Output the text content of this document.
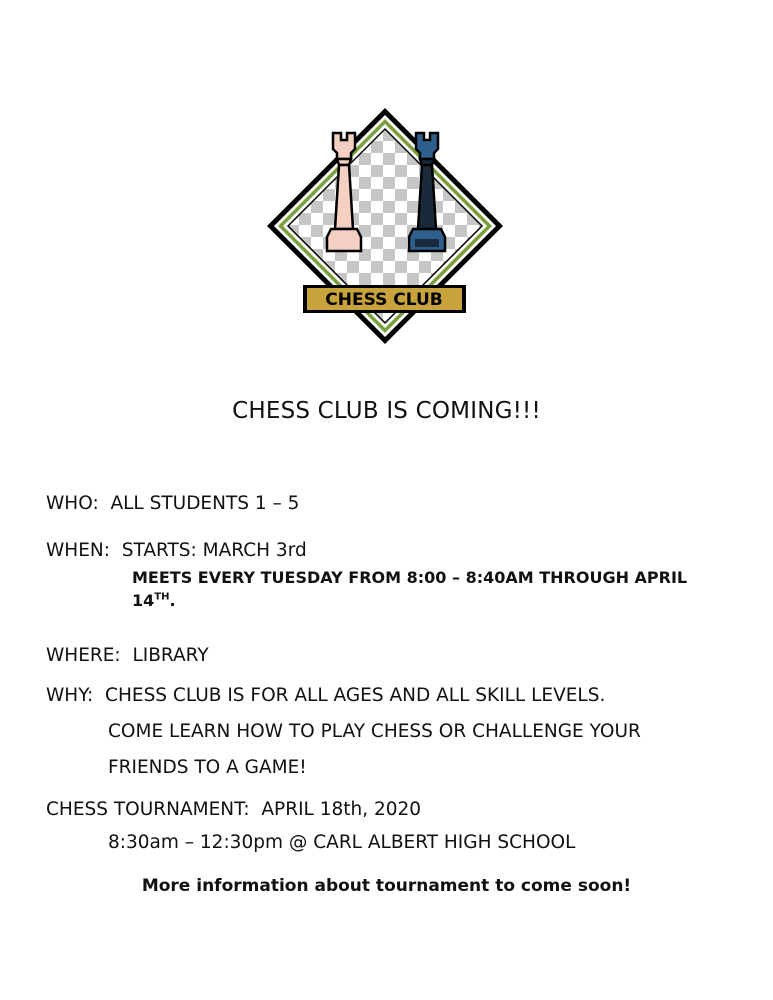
CHESS CLUB
CHESS CLUB IS COMING!!!
WHO: ALL STUDENTS 1 – 5
WHEN: STARTS: MARCH 3rd
MEETS EVERY TUESDAY FROM 8:00 – 8:40AM THROUGH APRIL
14TH.
WHERE: LIBRARY
WHY: CHESS CLUB IS FOR ALL AGES AND ALL SKILL LEVELS.
COME LEARN HOW TO PLAY CHESS OR CHALLENGE YOUR
FRIENDS TO A GAME!
CHESS TOURNAMENT: APRIL 18th, 2020
8:30am – 12:30pm @ CARL ALBERT HIGH SCHOOL
More information about tournament to come soon!
